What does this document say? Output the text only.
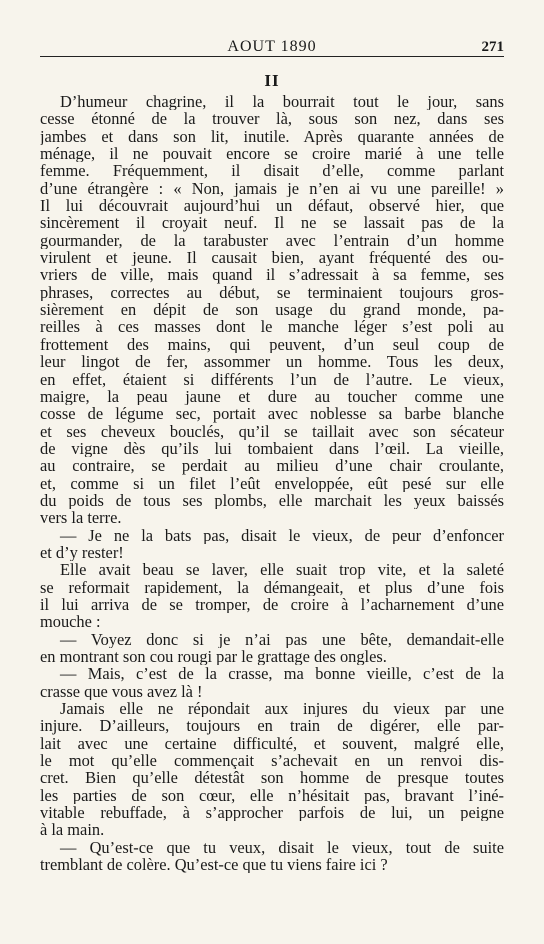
AOUT 1890	271
II
D’humeur chagrine, il la bourrait tout le jour, sans
cesse étonné de la trouver là, sous son nez, dans ses
jambes et dans son lit, inutile. Après quarante années de
ménage, il ne pouvait encore se croire marié à une telle
femme. Fréquemment, il disait d’elle, comme parlant
d’une étrangère : « Non, jamais je n’en ai vu une pareille! »
Il lui découvrait aujourd’hui un défaut, observé hier, que
sincèrement il croyait neuf. Il ne se lassait pas de la
gourmander, de la tarabuster avec l’entrain d’un homme
virulent et jeune. Il causait bien, ayant fréquenté des ou-
vriers de ville, mais quand il s’adressait à sa femme, ses
phrases, correctes au début, se terminaient toujours gros-
sièrement en dépit de son usage du grand monde, pa-
reilles à ces masses dont le manche léger s’est poli au
frottement des mains, qui peuvent, d’un seul coup de
leur lingot de fer, assommer un homme. Tous les deux,
en effet, étaient si différents l’un de l’autre. Le vieux,
maigre, la peau jaune et dure au toucher comme une
cosse de légume sec, portait avec noblesse sa barbe blanche
et ses cheveux bouclés, qu’il se taillait avec son sécateur
de vigne dès qu’ils lui tombaient dans l’œil. La vieille,
au contraire, se perdait au milieu d’une chair croulante,
et, comme si un filet l’eût enveloppée, eût pesé sur elle
du poids de tous ses plombs, elle marchait les yeux baissés
vers la terre.
— Je ne la bats pas, disait le vieux, de peur d’enfoncer
et d’y rester!
Elle avait beau se laver, elle suait trop vite, et la saleté
se reformait rapidement, la démangeait, et plus d’une fois
il lui arriva de se tromper, de croire à l’acharnement d’une
mouche :
— Voyez donc si je n’ai pas une bête, demandait-elle
en montrant son cou rougi par le grattage des ongles.
— Mais, c’est de la crasse, ma bonne vieille, c’est de la
crasse que vous avez là !
Jamais elle ne répondait aux injures du vieux par une
injure. D’ailleurs, toujours en train de digérer, elle par-
lait avec une certaine difficulté, et souvent, malgré elle,
le mot qu’elle commençait s’achevait en un renvoi dis-
cret. Bien qu’elle détestât son homme de presque toutes
les parties de son cœur, elle n’hésitait pas, bravant l’iné-
vitable rebuffade, à s’approcher parfois de lui, un peigne
à la main.
— Qu’est-ce que tu veux, disait le vieux, tout de suite
tremblant de colère. Qu’est-ce que tu viens faire ici ?
